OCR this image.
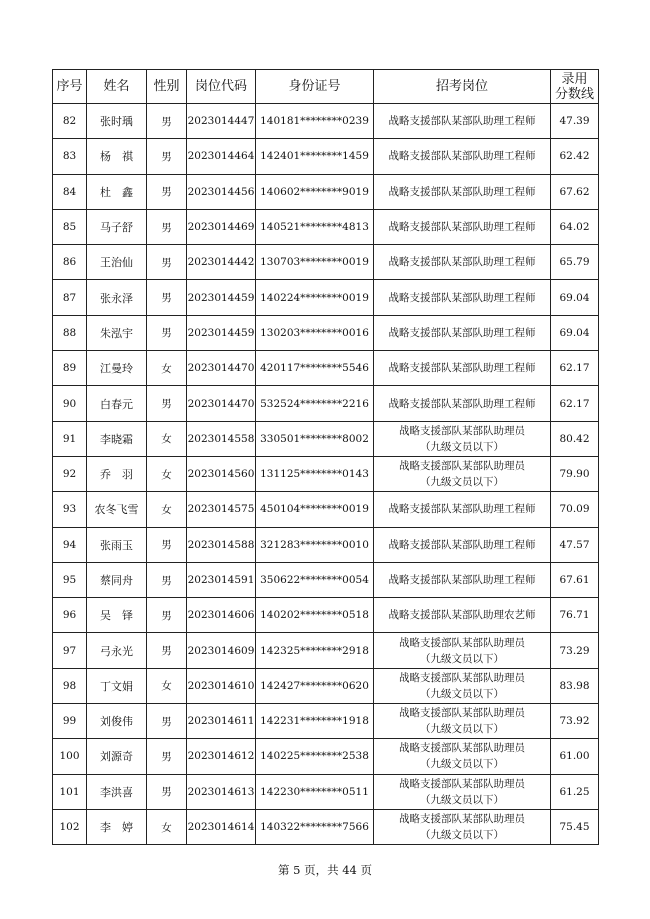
序号	姓名	性别	岗位代码	身份证号	招考岗位	录用
分数线

82	张时瑀	男	2023014447	140181********0239	战略支援部队某部队助理工程师	47.39
83	杨　祺	男	2023014464	142401********1459	战略支援部队某部队助理工程师	62.42
84	杜　鑫	男	2023014456	140602********9019	战略支援部队某部队助理工程师	67.62
85	马子舒	男	2023014469	140521********4813	战略支援部队某部队助理工程师	64.02
86	王治仙	男	2023014442	130703********0019	战略支援部队某部队助理工程师	65.79
87	张永泽	男	2023014459	140224********0019	战略支援部队某部队助理工程师	69.04
88	朱泓宇	男	2023014459	130203********0016	战略支援部队某部队助理工程师	69.04
89	江曼玲	女	2023014470	420117********5546	战略支援部队某部队助理工程师	62.17
90	白春元	男	2023014470	532524********2216	战略支援部队某部队助理工程师	62.17
91	李晓霜	女	2023014558	330501********8002	战略支援部队某部队助理员
（九级文员以下）	80.42
92	乔　羽	女	2023014560	131125********0143	战略支援部队某部队助理员
（九级文员以下）	79.90
93	农冬飞雪	女	2023014575	450104********0019	战略支援部队某部队助理工程师	70.09
94	张雨玉	男	2023014588	321283********0010	战略支援部队某部队助理工程师	47.57
95	蔡同舟	男	2023014591	350622********0054	战略支援部队某部队助理工程师	67.61
96	吴　铎	男	2023014606	140202********0518	战略支援部队某部队助理农艺师	76.71
97	弓永光	男	2023014609	142325********2918	战略支援部队某部队助理员
（九级文员以下）	73.29
98	丁文娟	女	2023014610	142427********0620	战略支援部队某部队助理员
（九级文员以下）	83.98
99	刘俊伟	男	2023014611	142231********1918	战略支援部队某部队助理员
（九级文员以下）	73.92
100	刘源奇	男	2023014612	140225********2538	战略支援部队某部队助理员
（九级文员以下）	61.00
101	李洪喜	男	2023014613	142230********0511	战略支援部队某部队助理员
（九级文员以下）	61.25
102	李　婷	女	2023014614	140322********7566	战略支援部队某部队助理员
（九级文员以下）	75.45
第 5 页，共 44 页
